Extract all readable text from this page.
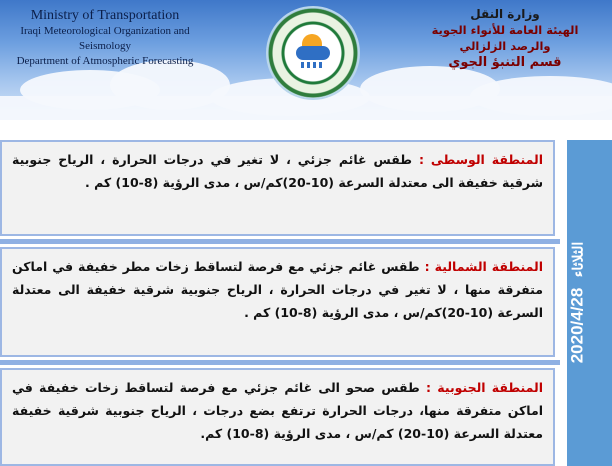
Ministry of Transportation
Iraqi Meteorological Organization and Seismology
Department of Atmospheric Forecasting
وزارة النقل
الهيئة العامة للأنواء الجوية والرصد الزلزالي
قسم التنبؤ الجوي
المنطقة الوسطى : طقس غائم جزئي ، لا تغير في درجات الحرارة ، الرياح جنوبية شرقية خفيفة الى معتدلة السرعة (10-20)كم/س ، مدى الرؤية (8-10) كم .
المنطقة الشمالية : طقس غائم جزئي مع فرصة لتساقط زخات مطر خفيفة في اماكن متفرقة منها ، لا تغير في درجات الحرارة ، الرياح جنوبية شرقية خفيفة الى معتدلة السرعة (10-20)كم/س ، مدى الرؤية (8-10) كم .
المنطقة الجنوبية : طقس صحو الى غائم جزئي مع فرصة لتساقط زخات خفيفة في اماكن متفرقة منها، درجات الحرارة ترتفع بضع درجات ، الرياح جنوبية شرقية خفيفة معتدلة السرعة (10-20) كم/س ، مدى الرؤية (8-10) كم.
2020/4/28 الثلاثاء
